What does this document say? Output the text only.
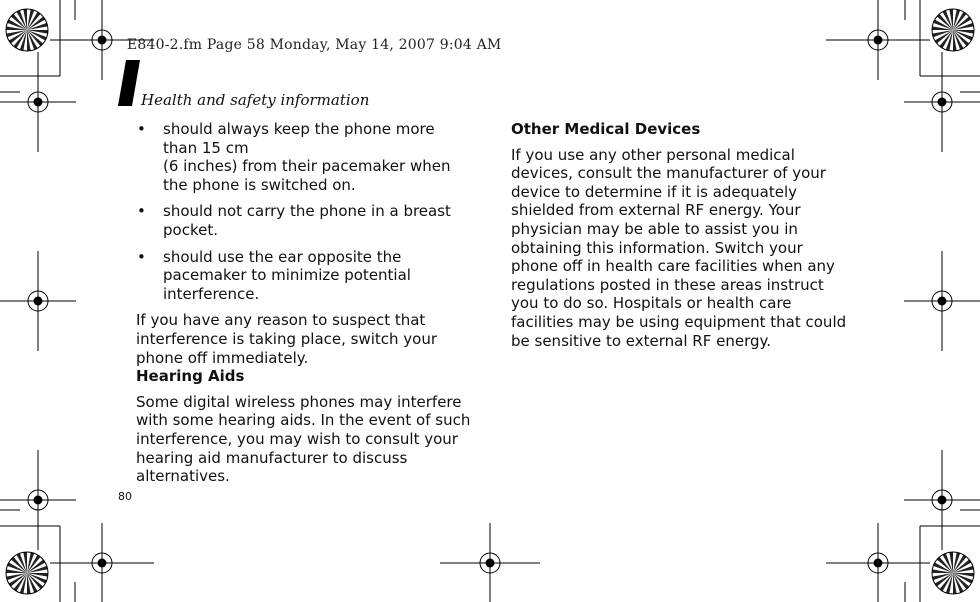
E840-2.fm Page 58 Monday, May 14, 2007 9:04 AM
Health and safety information
• should always keep the phone more than 15 cm
(6 inches) from their pacemaker when the phone is switched on.
• should not carry the phone in a breast pocket.
• should use the ear opposite the pacemaker to minimize potential interference.

If you have any reason to suspect that interference is taking place, switch your phone off immediately.

Hearing Aids

Some digital wireless phones may interfere with some hearing aids. In the event of such interference, you may wish to consult your hearing aid manufacturer to discuss alternatives.

Other Medical Devices

If you use any other personal medical devices, consult the manufacturer of your device to determine if it is adequately shielded from external RF energy. Your physician may be able to assist you in obtaining this information. Switch your phone off in health care facilities when any regulations posted in these areas instruct you to do so. Hospitals or health care facilities may be using equipment that could be sensitive to external RF energy.

80
